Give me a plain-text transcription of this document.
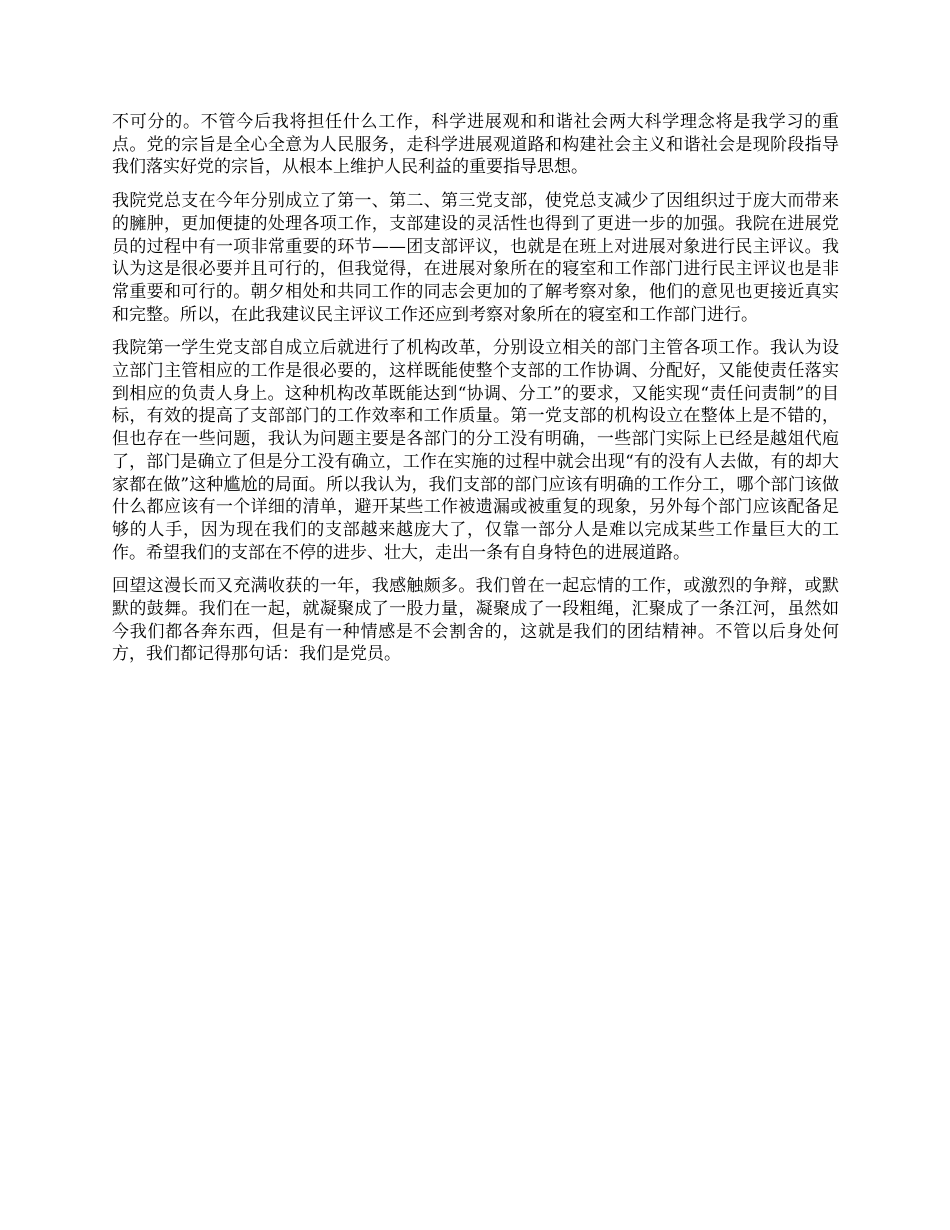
不可分的。不管今后我将担任什么工作，科学进展观和和谐社会两大科学理念将是我学习的重点。党的宗旨是全心全意为人民服务，走科学进展观道路和构建社会主义和谐社会是现阶段指导我们落实好党的宗旨，从根本上维护人民利益的重要指导思想。

我院党总支在今年分别成立了第一、第二、第三党支部，使党总支减少了因组织过于庞大而带来的臃肿，更加便捷的处理各项工作，支部建设的灵活性也得到了更进一步的加强。我院在进展党员的过程中有一项非常重要的环节——团支部评议，也就是在班上对进展对象进行民主评议。我认为这是很必要并且可行的，但我觉得，在进展对象所在的寝室和工作部门进行民主评议也是非常重要和可行的。朝夕相处和共同工作的同志会更加的了解考察对象，他们的意见也更接近真实和完整。所以，在此我建议民主评议工作还应到考察对象所在的寝室和工作部门进行。

我院第一学生党支部自成立后就进行了机构改革，分别设立相关的部门主管各项工作。我认为设立部门主管相应的工作是很必要的，这样既能使整个支部的工作协调、分配好，又能使责任落实到相应的负责人身上。这种机构改革既能达到“协调、分工”的要求，又能实现“责任问责制”的目标，有效的提高了支部部门的工作效率和工作质量。第一党支部的机构设立在整体上是不错的，但也存在一些问题，我认为问题主要是各部门的分工没有明确，一些部门实际上已经是越俎代庖了，部门是确立了但是分工没有确立，工作在实施的过程中就会出现“有的没有人去做，有的却大家都在做”这种尴尬的局面。所以我认为，我们支部的部门应该有明确的工作分工，哪个部门该做什么都应该有一个详细的清单，避开某些工作被遗漏或被重复的现象，另外每个部门应该配备足够的人手，因为现在我们的支部越来越庞大了，仅靠一部分人是难以完成某些工作量巨大的工作。希望我们的支部在不停的进步、壮大，走出一条有自身特色的进展道路。

回望这漫长而又充满收获的一年，我感触颇多。我们曾在一起忘情的工作，或激烈的争辩，或默默的鼓舞。我们在一起，就凝聚成了一股力量，凝聚成了一段粗绳，汇聚成了一条江河，虽然如今我们都各奔东西，但是有一种情感是不会割舍的，这就是我们的团结精神。不管以后身处何方，我们都记得那句话：我们是党员。
